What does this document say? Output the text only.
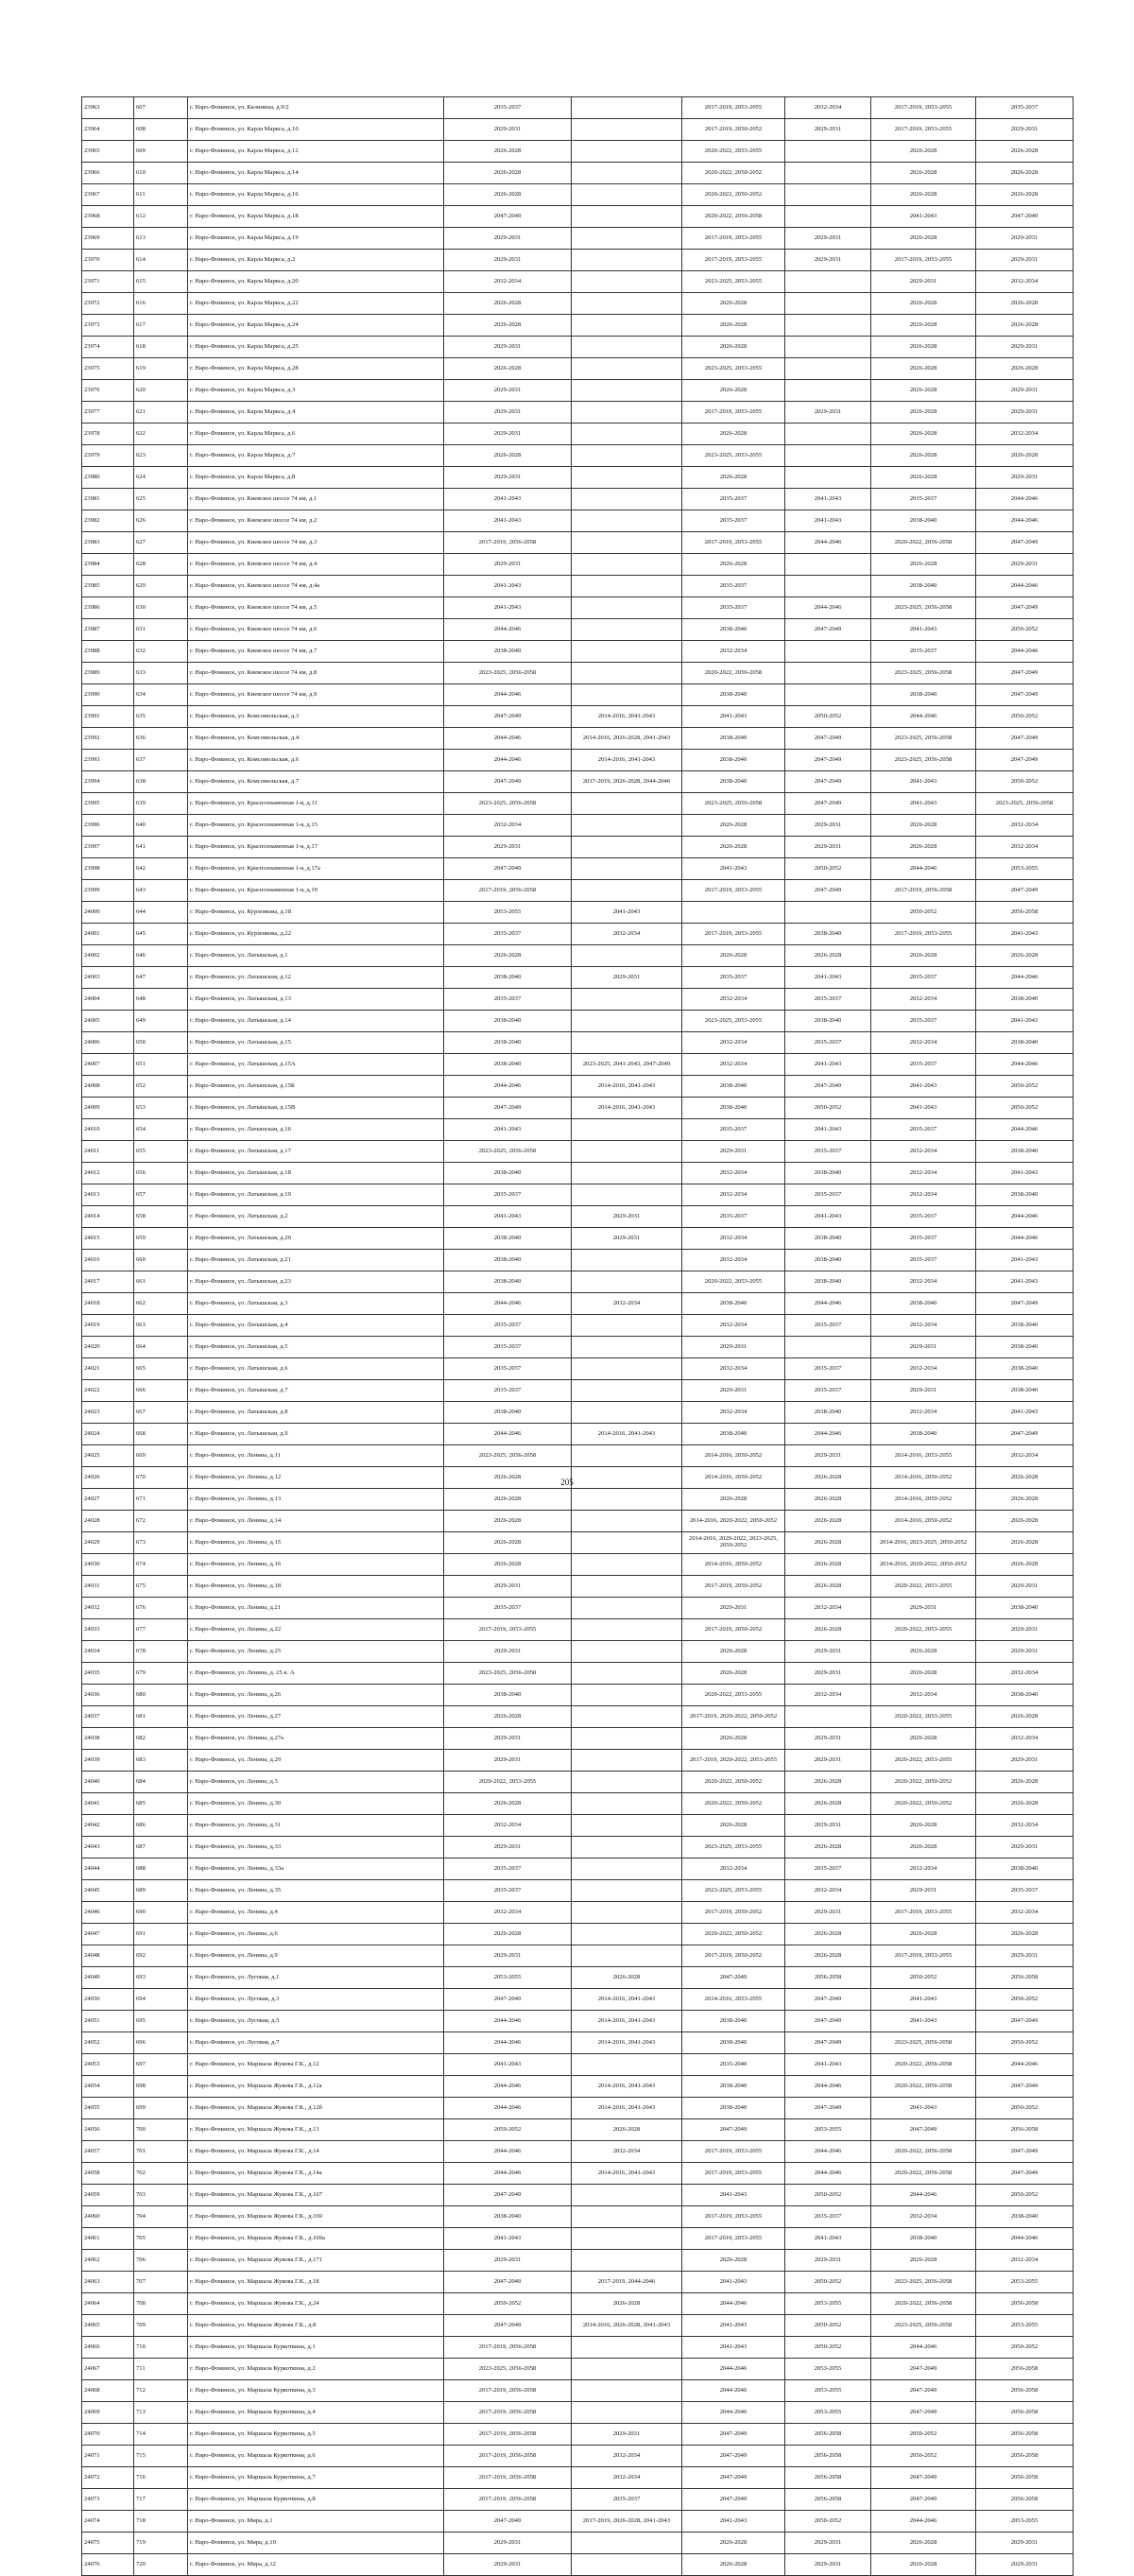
23963	607	г. Наро-Фоминск, ул. Калинина, д.9/2	2035-2037		2017-2019, 2053-2055	2032-2034	2017-2019, 2053-2055	2035-2037
23964	608	г. Наро-Фоминск, ул. Карла Маркса, д.10	2029-2031		2017-2019, 2050-2052	2029-2031	2017-2019, 2053-2055	2029-2031
23965	609	г. Наро-Фоминск, ул. Карла Маркса, д.12	2026-2028		2020-2022, 2053-2055		2026-2028	2026-2028
23966	610	г. Наро-Фоминск, ул. Карла Маркса, д.14	2026-2028		2020-2022, 2050-2052		2026-2028	2026-2028
23967	611	г. Наро-Фоминск, ул. Карла Маркса, д.16	2026-2028		2020-2022, 2050-2052		2026-2028	2026-2028
23968	612	г. Наро-Фоминск, ул. Карла Маркса, д.18	2047-2049		2020-2022, 2056-2058		2041-2043	2047-2049
23969	613	г. Наро-Фоминск, ул. Карла Маркса, д.19	2029-2031		2017-2019, 2053-2055	2029-2031	2026-2028	2029-2031
23970	614	г. Наро-Фоминск, ул. Карла Маркса, д.2	2029-2031		2017-2019, 2053-2055	2029-2031	2017-2019, 2053-2055	2029-2031
23971	615	г. Наро-Фоминск, ул. Карла Маркса, д.20	2032-2034		2023-2025, 2053-2055		2029-2031	2032-2034
23972	616	г. Наро-Фоминск, ул. Карла Маркса, д.22	2026-2028		2026-2028		2026-2028	2026-2028
23973	617	г. Наро-Фоминск, ул. Карла Маркса, д.24	2026-2028		2026-2028		2026-2028	2026-2028
23974	618	г. Наро-Фоминск, ул. Карла Маркса, д.25	2029-2031		2026-2028		2026-2028	2029-2031
23975	619	г. Наро-Фоминск, ул. Карла Маркса, д.28	2026-2028		2023-2025, 2053-2055		2026-2028	2026-2028
23976	620	г. Наро-Фоминск, ул. Карла Маркса, д.3	2029-2031		2026-2028		2026-2028	2029-2031
23977	621	г. Наро-Фоминск, ул. Карла Маркса, д.4	2029-2031		2017-2019, 2053-2055	2029-2031	2026-2028	2029-2031
23978	622	г. Наро-Фоминск, ул. Карла Маркса, д.6	2029-2031		2026-2028		2026-2028	2032-2034
23979	623	г. Наро-Фоминск, ул. Карла Маркса, д.7	2026-2028		2023-2025, 2053-2055		2026-2028	2026-2028
23980	624	г. Наро-Фоминск, ул. Карла Маркса, д.8	2029-2031		2026-2028		2026-2028	2029-2031
23981	625	г. Наро-Фоминск, ул. Киевское шоссе 74 км, д.1	2041-2043		2035-2037	2041-2043	2035-2037	2044-2046
23982	626	г. Наро-Фоминск, ул. Киевское шоссе 74 км, д.2	2041-2043		2035-2037	2041-2043	2038-2040	2044-2046
23983	627	г. Наро-Фоминск, ул. Киевское шоссе 74 км, д.3	2017-2019, 2056-2058		2017-2019, 2053-2055	2044-2046	2020-2022, 2056-2058	2047-2049
23984	628	г. Наро-Фоминск, ул. Киевское шоссе 74 км, д.4	2029-2031		2026-2028		2026-2028	2029-2031
23985	629	г. Наро-Фоминск, ул. Киевское шоссе 74 км, д.4а	2041-2043		2035-2037		2038-2040	2044-2046
23986	630	г. Наро-Фоминск, ул. Киевское шоссе 74 км, д.5	2041-2043		2035-2037	2044-2046	2023-2025, 2056-2058	2047-2049
23987	631	г. Наро-Фоминск, ул. Киевское шоссе 74 км, д.6	2044-2046		2038-2040	2047-2049	2041-2043	2050-2052
23988	632	г. Наро-Фоминск, ул. Киевское шоссе 74 км, д.7	2038-2040		2032-2034		2035-2037	2044-2046
23989	633	г. Наро-Фоминск, ул. Киевское шоссе 74 км, д.8	2023-2025, 2056-2058		2020-2022, 2056-2058		2023-2025, 2056-2058	2047-2049
23990	634	г. Наро-Фоминск, ул. Киевское шоссе 74 км, д.9	2044-2046		2038-2040		2038-2040	2047-2049
23991	635	г. Наро-Фоминск, ул. Комсомольская, д.3	2047-2049	2014-2016, 2041-2043	2041-2043	2050-2052	2044-2046	2050-2052
23992	636	г. Наро-Фоминск, ул. Комсомольская, д.4	2044-2046	2014-2016, 2026-2028, 2041-2043	2038-2040	2047-2049	2023-2025, 2056-2058	2047-2049
23993	637	г. Наро-Фоминск, ул. Комсомольская, д.6	2044-2046	2014-2016, 2041-2043	2038-2040	2047-2049	2023-2025, 2056-2058	2047-2049
23994	638	г. Наро-Фоминск, ул. Комсомольская, д.7	2047-2049	2017-2019, 2026-2028, 2044-2046	2038-2040	2047-2049	2041-2043	2050-2052
23995	639	г. Наро-Фоминск, ул. Краснознаменная 1-я, д.11	2023-2025, 2056-2058		2023-2025, 2056-2058	2047-2049	2041-2043	2023-2025, 2056-2058
23996	640	г. Наро-Фоминск, ул. Краснознаменная 1-я, д.15	2032-2034		2026-2028	2029-2031	2026-2028	2032-2034
23997	641	г. Наро-Фоминск, ул. Краснознаменная 1-я, д.17	2029-2031		2026-2028	2029-2031	2026-2028	2032-2034
23998	642	г. Наро-Фоминск, ул. Краснознаменная 1-я, д.17а	2047-2049		2041-2043	2050-2052	2044-2046	2053-2055
23999	643	г. Наро-Фоминск, ул. Краснознаменная 1-я, д.19	2017-2019, 2056-2058		2017-2019, 2053-2055	2047-2049	2017-2019, 2056-2058	2047-2049
24000	644	г. Наро-Фоминск, ул. Курзенкова, д.18	2053-2055	2041-2043			2050-2052	2056-2058
24001	645	г. Наро-Фоминск, ул. Курзенкова, д.22	2035-2037	2032-2034	2017-2019, 2053-2055	2038-2040	2017-2019, 2053-2055	2041-2043
24002	646	г. Наро-Фоминск, ул. Латышская, д.1	2026-2028		2026-2028	2026-2028	2026-2028	2026-2028
24003	647	г. Наро-Фоминск, ул. Латышская, д.12	2038-2040	2029-2031	2035-2037	2041-2043	2035-2037	2044-2046
24004	648	г. Наро-Фоминск, ул. Латышская, д.13	2035-2037		2032-2034	2035-2037	2032-2034	2038-2040
24005	649	г. Наро-Фоминск, ул. Латышская, д.14	2038-2040		2023-2025, 2053-2055	2038-2040	2035-2037	2041-2043
24006	650	г. Наро-Фоминск, ул. Латышская, д.15	2038-2040		2032-2034	2035-2037	2032-2034	2038-2040
24007	651	г. Наро-Фоминск, ул. Латышская, д.15А	2038-2040	2023-2025, 2041-2043, 2047-2049	2032-2034	2041-2043	2035-2037	2044-2046
24008	652	г. Наро-Фоминск, ул. Латышская, д.15Б	2044-2046	2014-2016, 2041-2043	2038-2040	2047-2049	2041-2043	2050-2052
24009	653	г. Наро-Фоминск, ул. Латышская, д.15В	2047-2049	2014-2016, 2041-2043	2038-2040	2050-2052	2041-2043	2050-2052
24010	654	г. Наро-Фоминск, ул. Латышская, д.16	2041-2043		2035-2037	2041-2043	2035-2037	2044-2046
24011	655	г. Наро-Фоминск, ул. Латышская, д.17	2023-2025, 2056-2058		2029-2031	2035-2037	2032-2034	2038-2040
24012	656	г. Наро-Фоминск, ул. Латышская, д.18	2038-2040		2032-2034	2038-2040	2032-2034	2041-2043
24013	657	г. Наро-Фоминск, ул. Латышская, д.19	2035-2037		2032-2034	2035-2037	2032-2034	2038-2040
24014	658	г. Наро-Фоминск, ул. Латышская, д.2	2041-2043	2029-2031	2035-2037	2041-2043	2035-2037	2044-2046
24015	659	г. Наро-Фоминск, ул. Латышская, д.20	2038-2040	2029-2031	2032-2034	2038-2040	2035-2037	2044-2046
24016	660	г. Наро-Фоминск, ул. Латышская, д.21	2038-2040		2032-2034	2038-2040	2035-2037	2041-2043
24017	661	г. Наро-Фоминск, ул. Латышская, д.23	2038-2040		2020-2022, 2053-2055	2038-2040	2032-2034	2041-2043
24018	662	г. Наро-Фоминск, ул. Латышская, д.3	2044-2046	2032-2034	2038-2040	2044-2046	2038-2040	2047-2049
24019	663	г. Наро-Фоминск, ул. Латышская, д.4	2035-2037		2032-2034	2035-2037	2032-2034	2038-2040
24020	664	г. Наро-Фоминск, ул. Латышская, д.5	2035-2037		2029-2031		2029-2031	2038-2040
24021	665	г. Наро-Фоминск, ул. Латышская, д.6	2035-2037		2032-2034	2035-2037	2032-2034	2038-2040
24022	666	г. Наро-Фоминск, ул. Латышская, д.7	2035-2037		2029-2031	2035-2037	2029-2031	2038-2040
24023	667	г. Наро-Фоминск, ул. Латышская, д.8	2038-2040		2032-2034	2038-2040	2032-2034	2041-2043
24024	668	г. Наро-Фоминск, ул. Латышская, д.9	2044-2046	2014-2016, 2041-2043	2038-2040	2044-2046	2038-2040	2047-2049
24025	669	г. Наро-Фоминск, ул. Ленина, д.11	2023-2025, 2056-2058		2014-2016, 2050-2052	2029-2031	2014-2016, 2053-2055	2032-2034
24026	670	г. Наро-Фоминск, ул. Ленина, д.12	2026-2028		2014-2016, 2050-2052	2026-2028	2014-2016, 2050-2052	2026-2028
24027	671	г. Наро-Фоминск, ул. Ленина, д.13	2026-2028		2026-2028	2026-2028	2014-2016, 2050-2052	2026-2028
24028	672	г. Наро-Фоминск, ул. Ленина, д.14	2026-2028		2014-2016, 2020-2022, 2050-2052	2026-2028	2014-2016, 2050-2052	2026-2028
24029	673	г. Наро-Фоминск, ул. Ленина, д.15	2026-2028		2014-2016, 2020-2022, 2023-2025, 2050-2052	2026-2028	2014-2016, 2023-2025, 2050-2052	2026-2028
24030	674	г. Наро-Фоминск, ул. Ленина, д.16	2026-2028		2014-2016, 2050-2052	2026-2028	2014-2016, 2020-2022, 2050-2052	2026-2028
24031	675	г. Наро-Фоминск, ул. Ленина, д.18	2029-2031		2017-2019, 2050-2052	2026-2028	2020-2022, 2053-2055	2029-2031
24032	676	г. Наро-Фоминск, ул. Ленина, д.21	2035-2037		2029-2031	2032-2034	2029-2031	2038-2040
24033	677	г. Наро-Фоминск, ул. Ленина, д.22	2017-2019, 2053-2055		2017-2019, 2050-2052	2026-2028	2020-2022, 2053-2055	2029-2031
24034	678	г. Наро-Фоминск, ул. Ленина, д.25	2029-2031		2026-2028	2029-2031	2026-2028	2029-2031
24035	679	г. Наро-Фоминск, ул. Ленина, д. 25 к. А	2023-2025, 2056-2058		2026-2028	2029-2031	2026-2028	2032-2034
24036	680	г. Наро-Фоминск, ул. Ленина, д.26	2038-2040		2020-2022, 2053-2055	2032-2034	2032-2034	2038-2040
24037	681	г. Наро-Фоминск, ул. Ленина, д.27	2026-2028		2017-2019, 2020-2022, 2050-2052		2020-2022, 2053-2055	2026-2028
24038	682	г. Наро-Фоминск, ул. Ленина, д.27а	2029-2031		2026-2028	2029-2031	2026-2028	2032-2034
24039	683	г. Наро-Фоминск, ул. Ленина, д.29	2029-2031		2017-2019, 2020-2022, 2053-2055	2029-2031	2020-2022, 2053-2055	2029-2031
24040	684	г. Наро-Фоминск, ул. Ленина, д.3	2020-2022, 2053-2055		2020-2022, 2050-2052	2026-2028	2020-2022, 2050-2052	2026-2028
24041	685	г. Наро-Фоминск, ул. Ленина, д.30	2026-2028		2020-2022, 2050-2052	2026-2028	2020-2022, 2050-2052	2026-2028
24042	686	г. Наро-Фоминск, ул. Ленина, д.31	2032-2034		2026-2028	2029-2031	2026-2028	2032-2034
24043	687	г. Наро-Фоминск, ул. Ленина, д.33	2029-2031		2023-2025, 2053-2055	2026-2028	2026-2028	2029-2031
24044	688	г. Наро-Фоминск, ул. Ленина, д.33а	2035-2037		2032-2034	2035-2037	2032-2034	2038-2040
24045	689	г. Наро-Фоминск, ул. Ленина, д.35	2035-2037		2023-2025, 2053-2055	2032-2034	2029-2031	2035-2037
24046	690	г. Наро-Фоминск, ул. Ленина, д.4	2032-2034		2017-2019, 2050-2052	2029-2031	2017-2019, 2053-2055	2032-2034
24047	691	г. Наро-Фоминск, ул. Ленина, д.6	2026-2028		2020-2022, 2050-2052	2026-2028	2026-2028	2026-2028
24048	692	г. Наро-Фоминск, ул. Ленина, д.9	2029-2031		2017-2019, 2050-2052	2026-2028	2017-2019, 2053-2055	2029-2031
24049	693	г. Наро-Фоминск, ул. Луговая, д.1	2053-2055	2026-2028	2047-2049	2056-2058	2050-2052	2056-2058
24050	694	г. Наро-Фоминск, ул. Луговая, д.3	2047-2049	2014-2016, 2041-2043	2014-2016, 2053-2055	2047-2049	2041-2043	2050-2052
24051	695	г. Наро-Фоминск, ул. Луговая, д.5	2044-2046	2014-2016, 2041-2043	2038-2040	2047-2049	2041-2043	2047-2049
24052	696	г. Наро-Фоминск, ул. Луговая, д.7	2044-2046	2014-2016, 2041-2043	2038-2040	2047-2049	2023-2025, 2056-2058	2050-2052
24053	697	г. Наро-Фоминск, ул. Маршала Жукова Г.К., д.12	2041-2043		2035-2040	2041-2043	2020-2022, 2056-2058	2044-2046
24054	698	г. Наро-Фоминск, ул. Маршала Жукова Г.К., д.12а	2044-2046	2014-2016, 2041-2043	2038-2040	2044-2046	2020-2022, 2056-2058	2047-2049
24055	699	г. Наро-Фоминск, ул. Маршала Жукова Г.К., д.12б	2044-2046	2014-2016, 2041-2043	2038-2040	2047-2049	2041-2043	2050-2052
24056	700	г. Наро-Фоминск, ул. Маршала Жукова Г.К., д.13	2050-2052	2026-2028	2047-2049	2053-2055	2047-2049	2056-2058
24057	701	г. Наро-Фоминск, ул. Маршала Жукова Г.К., д.14	2044-2046	2032-2034	2017-2019, 2053-2055	2044-2046	2020-2022, 2056-2058	2047-2049
24058	702	г. Наро-Фоминск, ул. Маршала Жукова Г.К., д.14а	2044-2046	2014-2016, 2041-2043	2017-2019, 2053-2055	2044-2046	2020-2022, 2056-2058	2047-2049
24059	703	г. Наро-Фоминск, ул. Маршала Жукова Г.К., д.167	2047-2049		2041-2043	2050-2052	2044-2046	2050-2052
24060	704	г. Наро-Фоминск, ул. Маршала Жукова Г.К., д.169	2038-2040		2017-2019, 2053-2055	2035-2037	2032-2034	2038-2040
24061	705	г. Наро-Фоминск, ул. Маршала Жукова Г.К., д.169а	2041-2043		2017-2019, 2053-2055	2041-2043	2038-2040	2044-2046
24062	706	г. Наро-Фоминск, ул. Маршала Жукова Г.К., д.171	2029-2031		2026-2028	2029-2031	2026-2028	2032-2034
24063	707	г. Наро-Фоминск, ул. Маршала Жукова Г.К., д.18	2047-2049	2017-2019, 2044-2046	2041-2043	2050-2052	2023-2025, 2056-2058	2053-2055
24064	708	г. Наро-Фоминск, ул. Маршала Жукова Г.К., д.24	2050-2052	2026-2028	2044-2046	2053-2055	2020-2022, 2056-2058	2056-2058
24065	709	г. Наро-Фоминск, ул. Маршала Жукова Г.К., д.8	2047-2049	2014-2016, 2026-2028, 2041-2043	2041-2043	2050-2052	2023-2025, 2056-2058	2053-2055
24066	710	г. Наро-Фоминск, ул. Маршала Куркоткина, д.1	2017-2019, 2056-2058		2041-2043	2050-2052	2044-2046	2050-2052
24067	711	г. Наро-Фоминск, ул. Маршала Куркоткина, д.2	2023-2025, 2056-2058		2044-2046	2053-2055	2047-2049	2056-2058
24068	712	г. Наро-Фоминск, ул. Маршала Куркоткина, д.3	2017-2019, 2056-2058		2044-2046	2053-2055	2047-2049	2056-2058
24069	713	г. Наро-Фоминск, ул. Маршала Куркоткина, д.4	2017-2019, 2056-2058		2044-2046	2053-2055	2047-2049	2056-2058
24070	714	г. Наро-Фоминск, ул. Маршала Куркоткина, д.5	2017-2019, 2056-2058	2029-2031	2047-2049	2056-2058	2050-2052	2056-2058
24071	715	г. Наро-Фоминск, ул. Маршала Куркоткина, д.6	2017-2019, 2056-2058	2032-2034	2047-2049	2056-2058	2050-2052	2056-2058
24072	716	г. Наро-Фоминск, ул. Маршала Куркоткина, д.7	2017-2019, 2056-2058	2032-2034	2047-2049	2056-2058	2047-2049	2056-2058
24073	717	г. Наро-Фоминск, ул. Маршала Куркоткина, д.8	2017-2019, 2056-2058	2035-2037	2047-2049	2056-2058	2047-2049	2056-2058
24074	718	г. Наро-Фоминск, ул. Мира, д.1	2047-2049	2017-2019, 2026-2028, 2041-2043	2041-2043	2050-2052	2044-2046	2053-2055
24075	719	г. Наро-Фоминск, ул. Мира, д.10	2029-2031		2026-2028	2029-2031	2026-2028	2029-2031
24076	720	г. Наро-Фоминск, ул. Мира, д.12	2029-2031		2026-2028	2029-2031	2026-2028	2029-2031
205
